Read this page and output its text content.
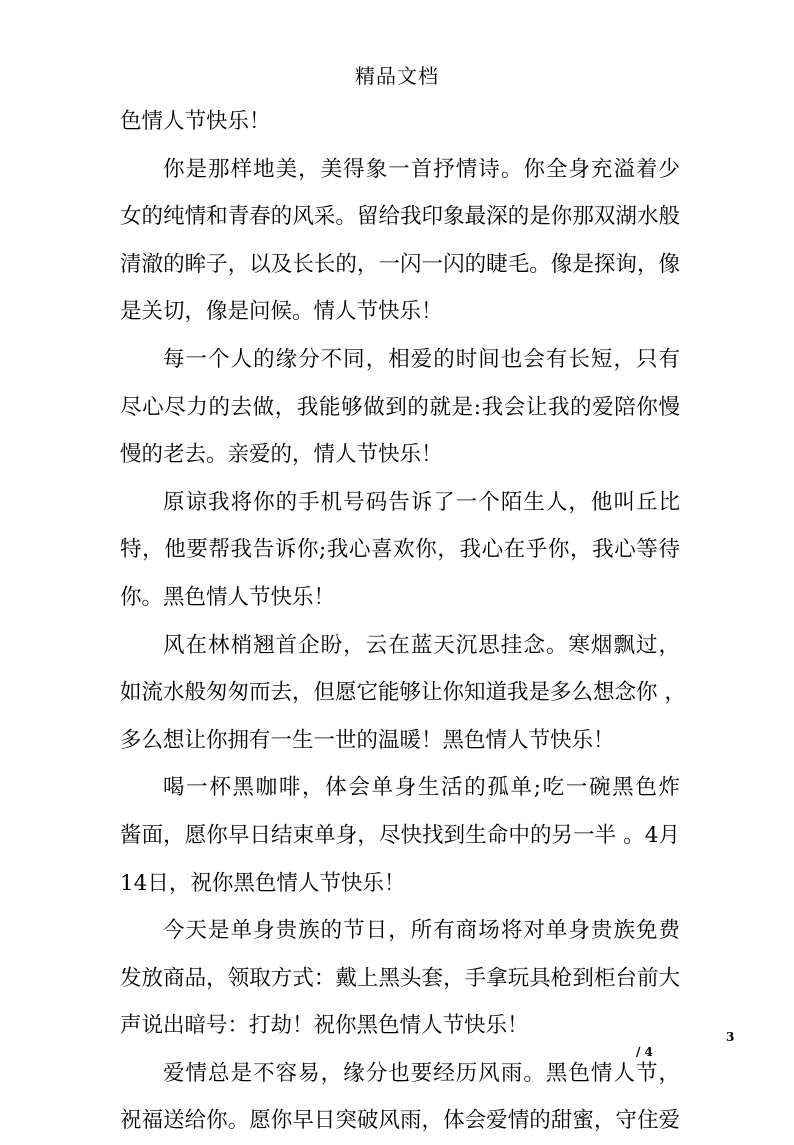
精品文档
色情人节快乐！
你是那样地美，美得象一首抒情诗。你全身充溢着少
女的纯情和青春的风采。留给我印象最深的是你那双湖水般
清澈的眸子，以及长长的，一闪一闪的睫毛。像是探询，像
是关切，像是问候。情人节快乐！
每一个人的缘分不同，相爱的时间也会有长短，只有
尽心尽力的去做，我能够做到的就是:我会让我的爱陪你慢
慢的老去。亲爱的，情人节快乐！
原谅我将你的手机号码告诉了一个陌生人，他叫丘比
特，他要帮我告诉你;我心喜欢你，我心在乎你，我心等待
你。黑色情人节快乐！
风在林梢翘首企盼，云在蓝天沉思挂念。寒烟飘过，
如流水般匆匆而去，但愿它能够让你知道我是多么想念你 ，
多么想让你拥有一生一世的温暖！黑色情人节快乐！
喝一杯黑咖啡，体会单身生活的孤单;吃一碗黑色炸
酱面，愿你早日结束单身，尽快找到生命中的另一半 。4月
14日，祝你黑色情人节快乐！
今天是单身贵族的节日，所有商场将对单身贵族免费
发放商品，领取方式：戴上黑头套，手拿玩具枪到柜台前大
声说出暗号：打劫！祝你黑色情人节快乐！
爱情总是不容易，缘分也要经历风雨。黑色情人节，
祝福送给你。愿你早日突破风雨，体会爱情的甜蜜，守住爱
3
/ 4
